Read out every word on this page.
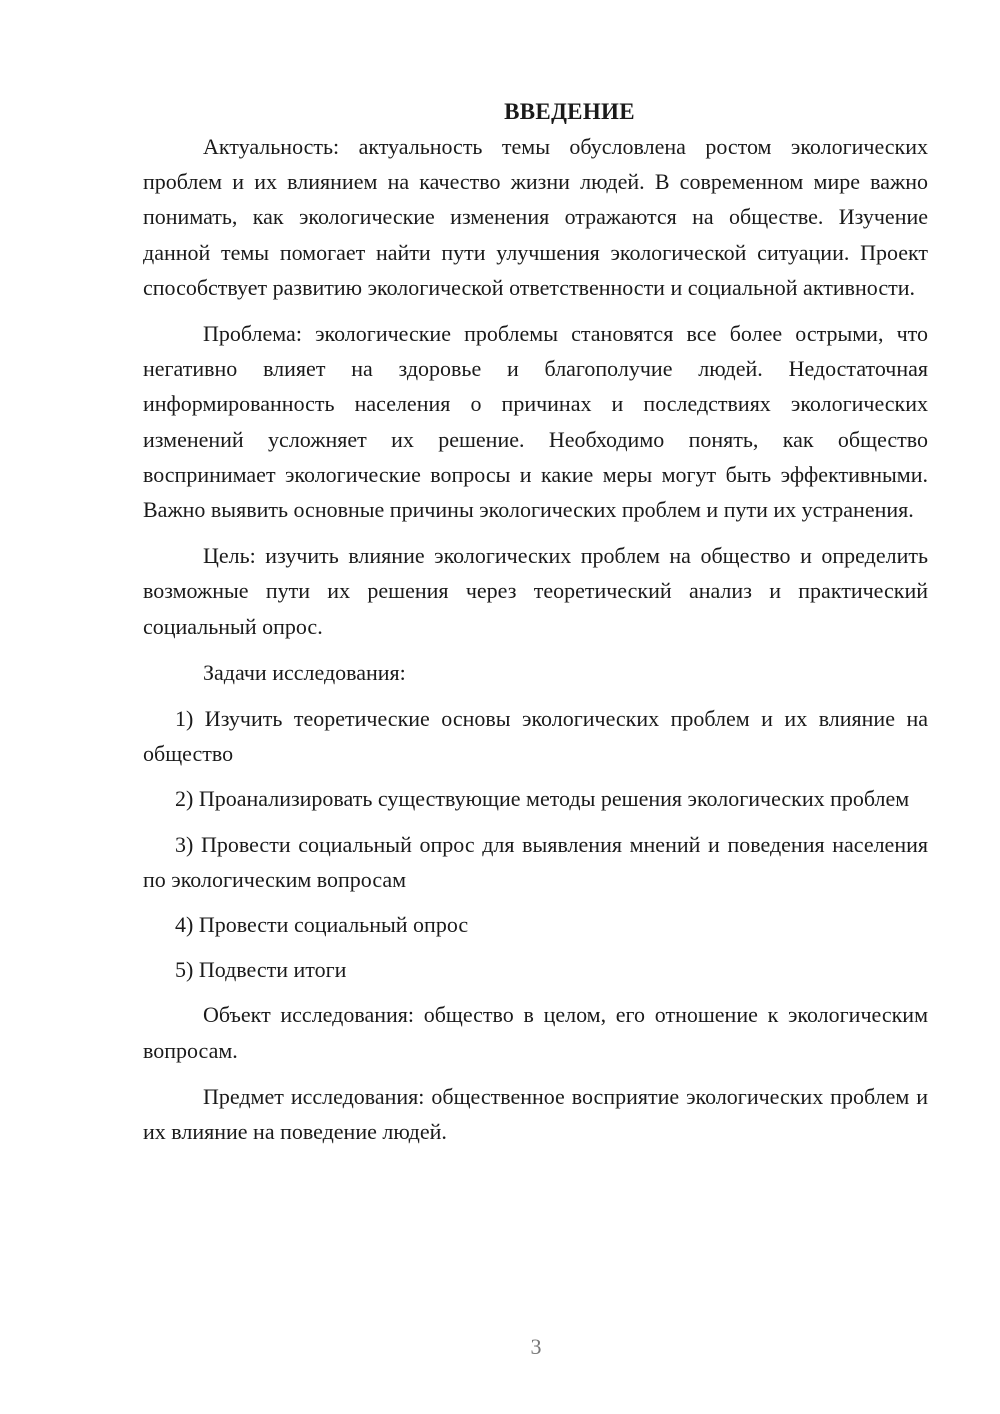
ВВЕДЕНИЕ

Актуальность: актуальность темы обусловлена ростом экологических проблем и их влиянием на качество жизни людей. В современном мире важно понимать, как экологические изменения отражаются на обществе. Изучение данной темы помогает найти пути улучшения экологической ситуации. Проект способствует развитию экологической ответственности и социальной активности.

Проблема: экологические проблемы становятся все более острыми, что негативно влияет на здоровье и благополучие людей. Недостаточная информированность населения о причинах и последствиях экологических изменений усложняет их решение. Необходимо понять, как общество воспринимает экологические вопросы и какие меры могут быть эффективными. Важно выявить основные причины экологических проблем и пути их устранения.

Цель: изучить влияние экологических проблем на общество и определить возможные пути их решения через теоретический анализ и практический социальный опрос.

Задачи исследования:

1) Изучить теоретические основы экологических проблем и их влияние на общество

2) Проанализировать существующие методы решения экологических проблем

3) Провести социальный опрос для выявления мнений и поведения населения по экологическим вопросам

4) Провести социальный опрос

5) Подвести итоги

Объект исследования: общество в целом, его отношение к экологическим вопросам.

Предмет исследования: общественное восприятие экологических проблем и их влияние на поведение людей.

3
